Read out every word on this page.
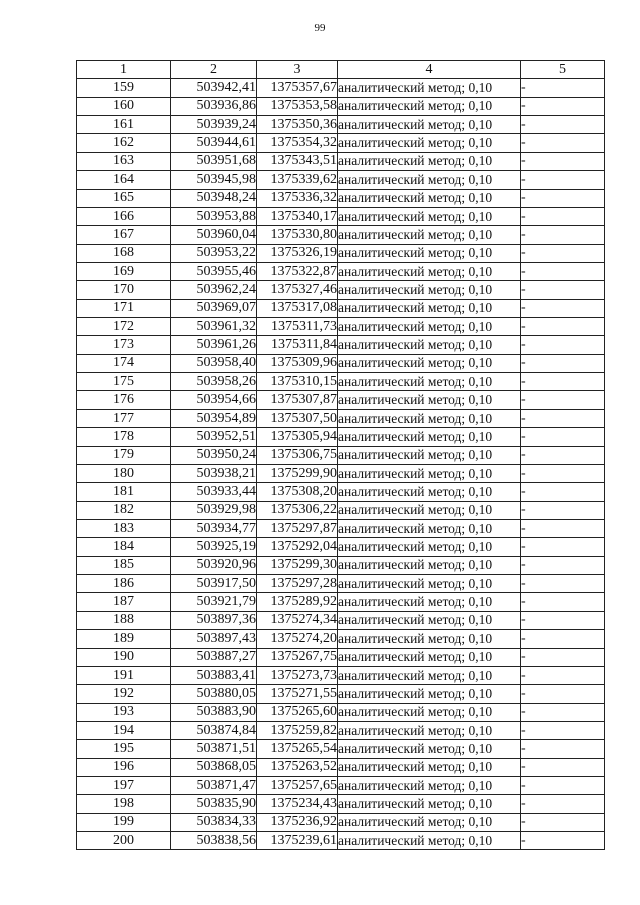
99
1	2	3	4	5
159	503942,41	1375357,67	аналитический метод; 0,10	-
160	503936,86	1375353,58	аналитический метод; 0,10	-
161	503939,24	1375350,36	аналитический метод; 0,10	-
162	503944,61	1375354,32	аналитический метод; 0,10	-
163	503951,68	1375343,51	аналитический метод; 0,10	-
164	503945,98	1375339,62	аналитический метод; 0,10	-
165	503948,24	1375336,32	аналитический метод; 0,10	-
166	503953,88	1375340,17	аналитический метод; 0,10	-
167	503960,04	1375330,80	аналитический метод; 0,10	-
168	503953,22	1375326,19	аналитический метод; 0,10	-
169	503955,46	1375322,87	аналитический метод; 0,10	-
170	503962,24	1375327,46	аналитический метод; 0,10	-
171	503969,07	1375317,08	аналитический метод; 0,10	-
172	503961,32	1375311,73	аналитический метод; 0,10	-
173	503961,26	1375311,84	аналитический метод; 0,10	-
174	503958,40	1375309,96	аналитический метод; 0,10	-
175	503958,26	1375310,15	аналитический метод; 0,10	-
176	503954,66	1375307,87	аналитический метод; 0,10	-
177	503954,89	1375307,50	аналитический метод; 0,10	-
178	503952,51	1375305,94	аналитический метод; 0,10	-
179	503950,24	1375306,75	аналитический метод; 0,10	-
180	503938,21	1375299,90	аналитический метод; 0,10	-
181	503933,44	1375308,20	аналитический метод; 0,10	-
182	503929,98	1375306,22	аналитический метод; 0,10	-
183	503934,77	1375297,87	аналитический метод; 0,10	-
184	503925,19	1375292,04	аналитический метод; 0,10	-
185	503920,96	1375299,30	аналитический метод; 0,10	-
186	503917,50	1375297,28	аналитический метод; 0,10	-
187	503921,79	1375289,92	аналитический метод; 0,10	-
188	503897,36	1375274,34	аналитический метод; 0,10	-
189	503897,43	1375274,20	аналитический метод; 0,10	-
190	503887,27	1375267,75	аналитический метод; 0,10	-
191	503883,41	1375273,73	аналитический метод; 0,10	-
192	503880,05	1375271,55	аналитический метод; 0,10	-
193	503883,90	1375265,60	аналитический метод; 0,10	-
194	503874,84	1375259,82	аналитический метод; 0,10	-
195	503871,51	1375265,54	аналитический метод; 0,10	-
196	503868,05	1375263,52	аналитический метод; 0,10	-
197	503871,47	1375257,65	аналитический метод; 0,10	-
198	503835,90	1375234,43	аналитический метод; 0,10	-
199	503834,33	1375236,92	аналитический метод; 0,10	-
200	503838,56	1375239,61	аналитический метод; 0,10	-
